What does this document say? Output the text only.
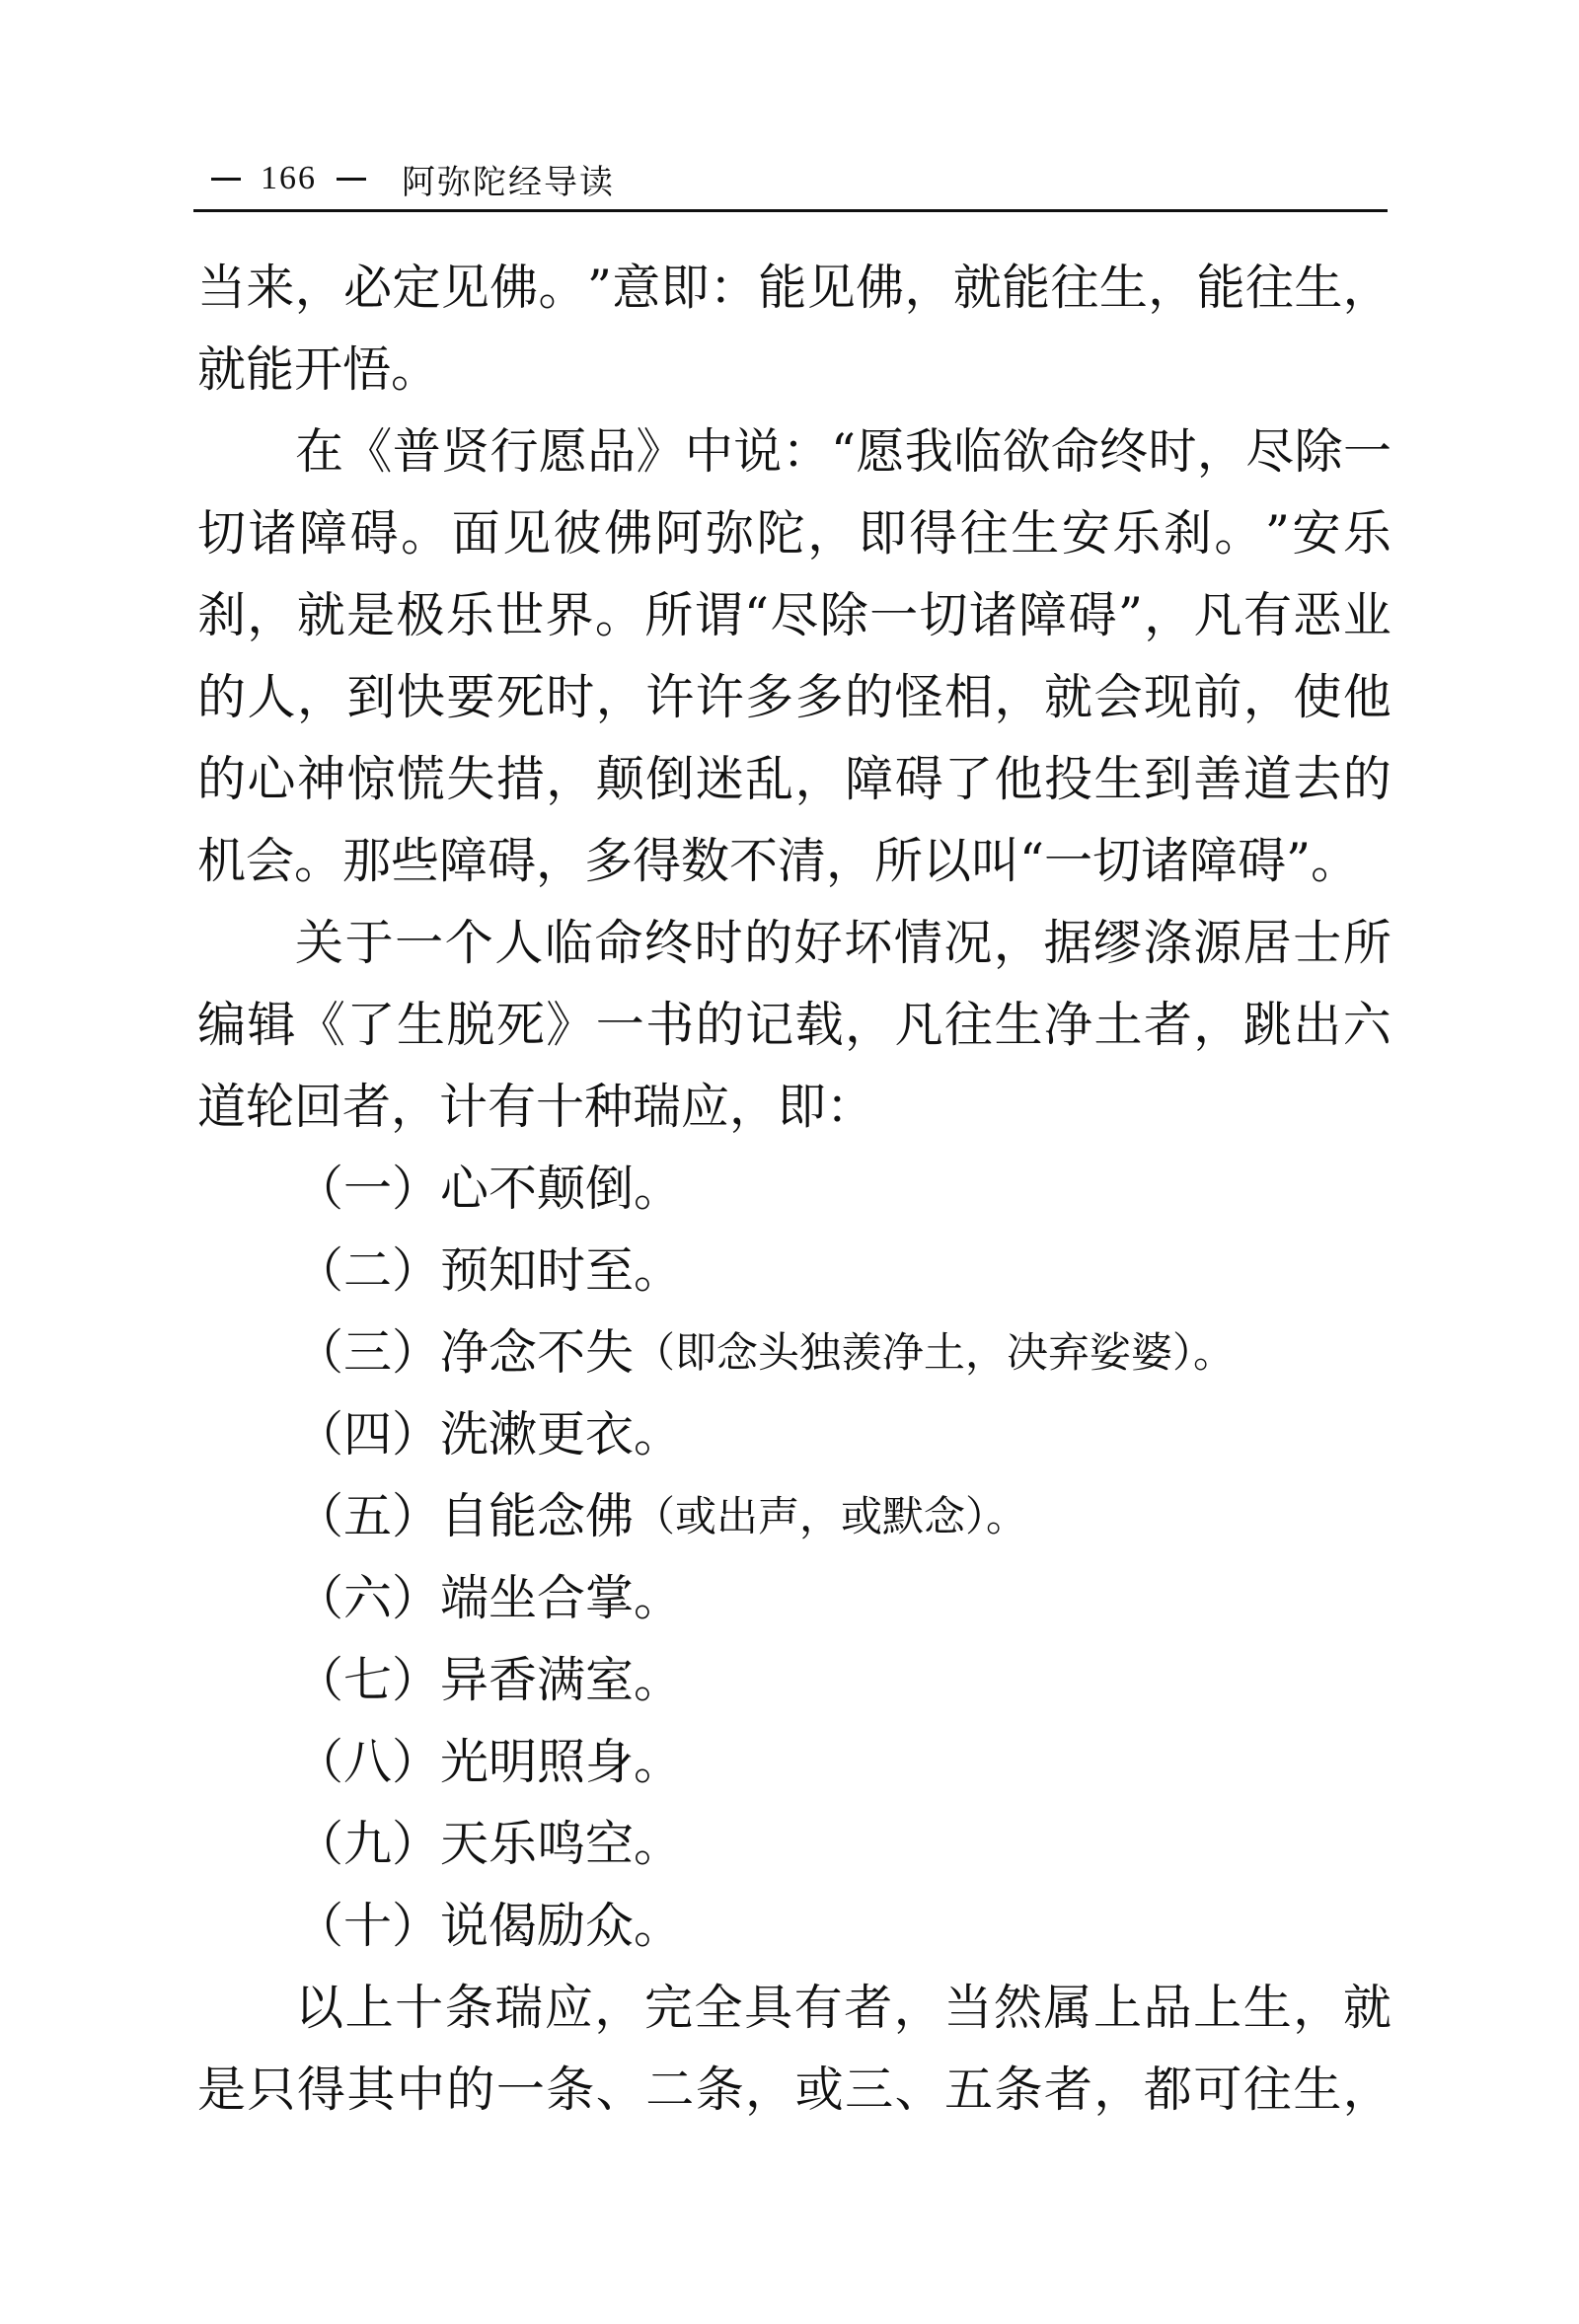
166	阿弥陀经导读
当 来 ， 必 定 见 佛 。 ” 意 即 ： 能 见 佛 ， 就 能 往 生 ， 能 往 生 ，
就能开悟。
在 《 普 贤 行 愿 品 》 中 说 ： “ 愿 我 临 欲 命 终 时 ， 尽 除 一
切 诸 障 碍 。 面 见 彼 佛 阿 弥 陀 ， 即 得 往 生 安 乐 刹 。 ” 安 乐
刹 ， 就 是 极 乐 世 界 。 所 谓 “ 尽 除 一 切 诸 障 碍 ” ， 凡 有 恶 业
的 人 ， 到 快 要 死 时 ， 许 许 多 多 的 怪 相 ， 就 会 现 前 ， 使 他
的 心 神 惊 慌 失 措 ， 颠 倒 迷 乱 ， 障 碍 了 他 投 生 到 善 道 去 的
机会。那些障碍，多得数不清，所以叫“一切诸障碍”。
关 于 一 个 人 临 命 终 时 的 好 坏 情 况 ， 据 缪 涤 源 居 士 所
编 辑 《 了 生 脱 死 》 一 书 的 记 载 ， 凡 往 生 净 土 者 ， 跳 出 六
道轮回者，计有十种瑞应，即：
（一） 心不颠倒。
（二） 预知时至。
（三） 净念不失 （即念头独羡净土，决弃娑婆）。
（四） 洗漱更衣。
（五） 自能念佛 （或出声，或默念）。
（六） 端坐合掌。
（七） 异香满室。
（八） 光明照身。
（九） 天乐鸣空。
（十） 说偈励众。
以 上 十 条 瑞 应 ， 完 全 具 有 者 ， 当 然 属 上 品 上 生 ， 就
是 只 得 其 中 的 一 条 、 二 条 ， 或 三 、 五 条 者 ， 都 可 往 生 ，
